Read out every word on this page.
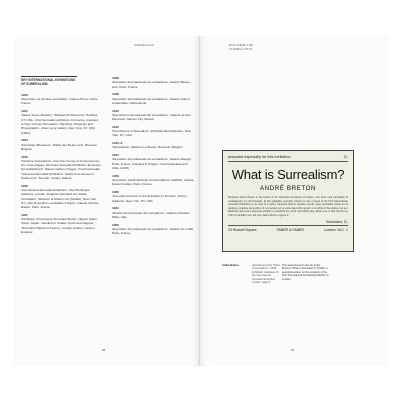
SURREALISM
KEY INTERNATIONAL EXHIBITIONS OF SURREALISM
1925
'Exposition, la peinture surréaliste', Galerie Pierre, Paris, France
1931
'Newer Super-Realism', Wadsworth Atheneum, Hartford, CT, USA - First Surrealist exhibition in America, travelled to New York as 'Surrealism, Paintings, Drawings and Photographs', Julien Levy Gallery, New York, NY, USA (1932)
1934
'Exposition Minotaure', Palais des Beaux-Arts, Brussels, Belgium
1935
'Kubisme-Surrealisme', Den Frie Centre of Contemporary Art, Copenhagen, Denmark Surrealist Exhibition 'Exposice Surrealistickych', Manes Gallery, Prague, Czechoslovakia 'Universal Surrealist Exhibition', Santa Cruz Ateneum, Santa Cruz, Tenerife, Canary Islands
1936
'International Surrealist Exhibition', New Burlington Galleries, London, England 'Fantastic Art, Dada, Surrealism', Museum of Modern Art (MoMA), New York, NY, USA 'Exposition surréaliste d'objets', Galerie Charles Ratton, Paris, France
1937
'Exhibition of Overseas Surrealist Works', Nippon Salon, Tokyo, Japan, travelled to Osaka, Kyoto and Nagoya 'Surrealist Objects & Poems', London Gallery, London, England
1938
'Exposition internationale du surréalisme', Galerie Beaux-Arts, Paris, France
1938
'Exposition internationale du surréalisme', Galerie Robert, Amsterdam, Netherlands
1940
'Exposición internacional del surrealismo', Galería de Arte Mexicano, Mexico City, Mexico
1942
'First Papers of Surrealism', Whitelaw Reid Mansion, New York, NY, USA
1945–6
'Surréalisme', Éditions La Boétie, Brussels, Belgium
1947
'Exposition internationale du surréalisme', Galerie Maeght, Paris, France, travelled to Prague, Czechoslovakia and Chile (1948)
1959
'Exposition InteRnatiOnale du Surréalisme' (EROS), Galerie Daniel Cordier, Paris, France
1960
'Surrealist Intrusion in the Enchanter's Domain', D'Arcy Galleries, New York, NY, USA
1961
'Mostra internazionale del surrealismo', Galleria Schwarz, Milan, Italy
1965
'Exposition internationale du surréalisme', Galerie de L'OEil, Paris, France
66
WHO WERE THE SURREALISTS?
prepared especially for this exhibition	2/-
What is Surrealism?
ANDRÉ BRETON
Monsieur André Breton is the leader of the Surrealist movement in France—the most vital movement in contemporary art and literature. In this pamphlet, specially written for the occasion of the First International Surrealist Exhibition to be held in London, Monsieur Breton explains exactly what surrealism stands for in painting, sculpture and politics. It is revealed, not as some mere little upstart or an affair of the studios, but as a deliberate and even a desperate attempt to transform the world. Surrealism may amuse you, it may shock you, it may scandalize you, but you cannot afford to ignore it.
Illustrated, 2/-
24 Russell Square	FABER & FABER	London, W.C. 1
André Breton	Advertisement for 'What is Surrealism?', 1936. Exhibition catalogue for the International Surrealist Exhibition, London, page 9
This advertisement was for André Breton's 'What is Surrealism?' (1936), a pamphlet written on the occasion of the First International Surrealist Exhibition' in London.
67
